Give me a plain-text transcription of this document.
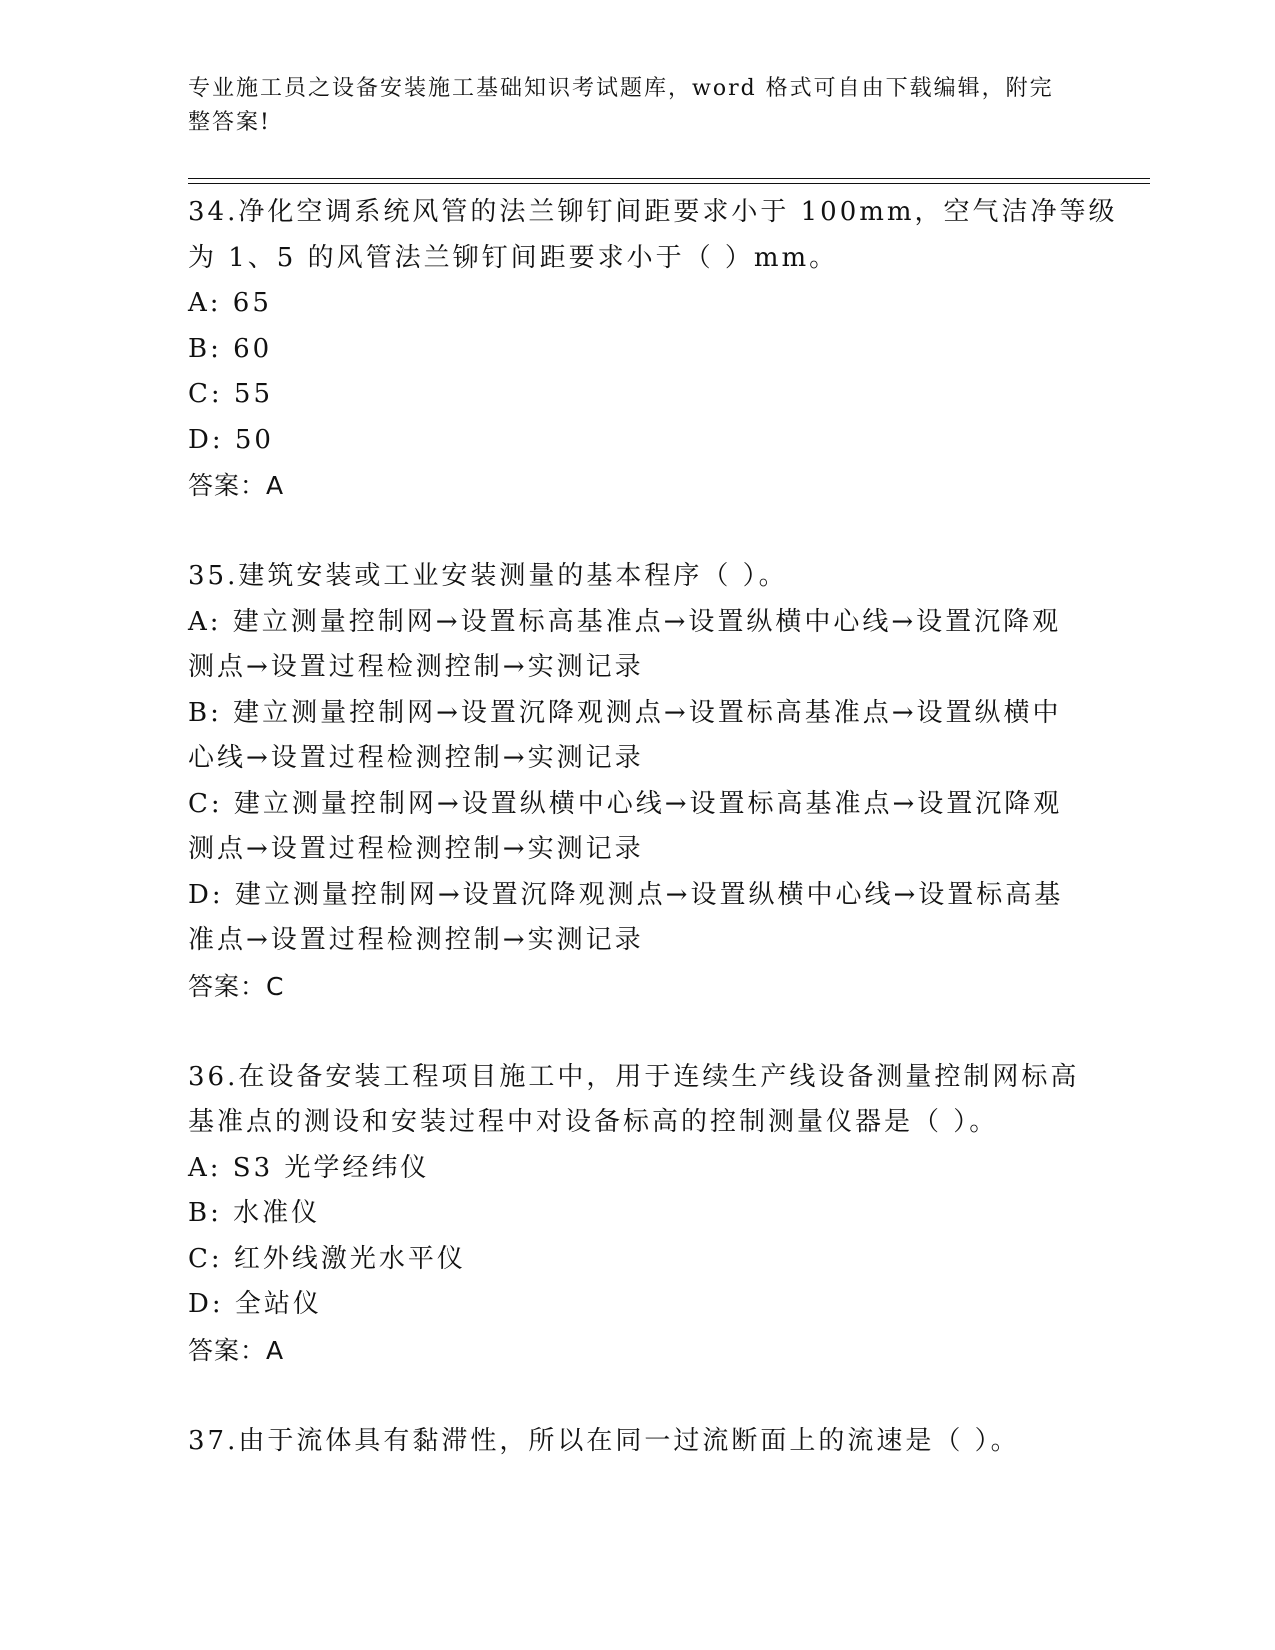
专业施工员之设备安装施工基础知识考试题库，word 格式可自由下载编辑，附完
整答案!
34.净化空调系统风管的法兰铆钉间距要求小于 100mm，空气洁净等级
为 1、5 的风管法兰铆钉间距要求小于（ ）mm。
A: 65
B: 60
C: 55
D: 50
答案：A
35.建筑安装或工业安装测量的基本程序（ ）。
A: 建立测量控制网→设置标高基准点→设置纵横中心线→设置沉降观
测点→设置过程检测控制→实测记录
B: 建立测量控制网→设置沉降观测点→设置标高基准点→设置纵横中
心线→设置过程检测控制→实测记录
C: 建立测量控制网→设置纵横中心线→设置标高基准点→设置沉降观
测点→设置过程检测控制→实测记录
D: 建立测量控制网→设置沉降观测点→设置纵横中心线→设置标高基
准点→设置过程检测控制→实测记录
答案：C
36.在设备安装工程项目施工中，用于连续生产线设备测量控制网标高
基准点的测设和安装过程中对设备标高的控制测量仪器是（ ）。
A: S3 光学经纬仪
B: 水准仪
C: 红外线激光水平仪
D: 全站仪
答案：A
37.由于流体具有黏滞性，所以在同一过流断面上的流速是（ ）。
